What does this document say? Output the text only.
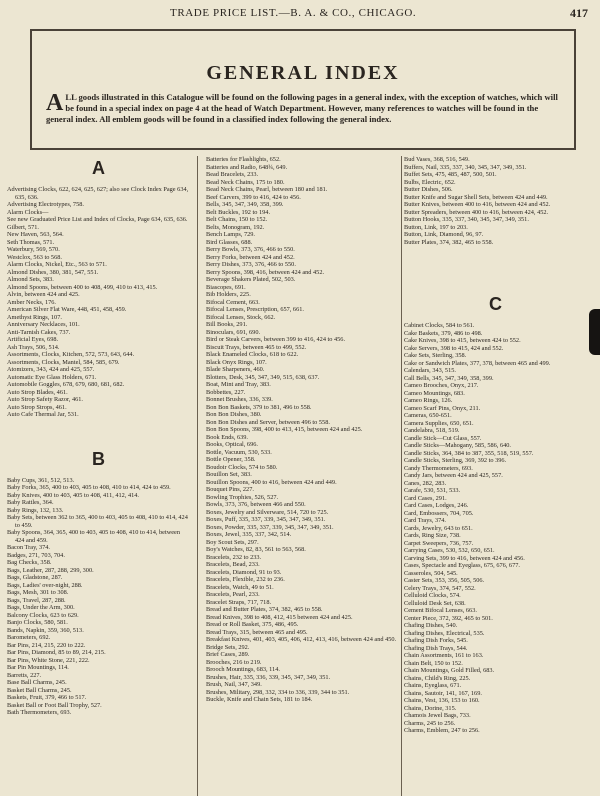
TRADE PRICE LIST.—B. A. & CO., CHICAGO.	417
GENERAL INDEX
ALL goods illustrated in this Catalogue will be found on the following pages in a general index, with the exception of watches, which will be found in a special index on page 4 at the head of Watch Department. However, many references to watches will be found in the general index. All emblem goods will be found in a classified index following the general index.
A
Advertising Clocks, 622, 624, 625, 627; also see Clock Index Page 634, 635, 636.
Advertising Electrotypes, 758.
Alarm Clocks—
See new Graduated Price List and Index of Clocks, Page 634, 635, 636.
Gilbert, 571.
New Haven, 563, 564.
Seth Thomas, 571.
Waterbury, 569, 570.
Westclox, 563 to 568.
Alarm Clocks, Nickel, Etc., 563 to 571.
Almond Dishes, 380, 381, 547, 551.
Almond Sets, 383.
Almond Spoons, between 400 to 408, 499, 410 to 413, 415.
Alvin, between 424 and 425.
Amber Necks, 176.
American Silver Flat Ware, 448, 451, 458, 459.
Amethyst Rings, 107.
Anniversary Necklaces, 101.
Anti-Tarnish Cakes, 737.
Artificial Eyes, 698.
Ash Trays, 506, 514.
Assortments, Clocks, Kitchen, 572, 573, 643, 644.
Assortments, Clocks, Mantel, 584, 585, 679.
Atomizers, 343, 424 and 425, 557.
Automatic Eye Glass Holders, 671.
Automobile Goggles, 678, 679, 680, 681, 682.
Auto Strop Blades, 461.
Auto Strop Safety Razor, 461.
Auto Strop Strops, 461.
Auto Cafe Thermal Jar, 531.
B
Baby Cups, 361, 512, 513.
Baby Forks, 365, 400 to 403, 405 to 408, 410 to 414, 424 to 459.
Baby Knives, 400 to 403, 405 to 408, 411, 412, 414.
Baby Rattles, 364.
Baby Rings, 132, 133.
Baby Sets, between 362 to 365, 400 to 403, 405 to 408, 410 to 414, 424 to 459.
Baby Spoons, 364, 365, 400 to 403, 405 to 408, 410 to 414, between 424 and 459.
Bacon Tray, 374.
Badges, 271, 703, 704.
Bag Checks, 358.
Bags, Leather, 287, 288, 299, 300.
Bags, Gladstone, 287.
Bags, Ladies' over-night, 288.
Bags, Mesh, 301 to 308.
Bags, Travel, 287, 288.
Bags, Under the Arm, 300.
Balcony Clocks, 623 to 629.
Banjo Clocks, 580, 581.
Bands, Napkin, 359, 360, 513.
Barometers, 692.
Bar Pins, 214, 215, 220 to 222.
Bar Pins, Diamond, 85 to 89, 214, 215.
Bar Pins, White Stone, 221, 222.
Bar Pin Mountings, 114.
Barretts, 227.
Base Ball Charms, 245.
Basket Ball Charms, 245.
Baskets, Fruit, 379, 466 to 517.
Basket Ball or Foot Ball Trophy, 527.
Bath Thermometers, 693.
Batteries for Flashlights, 652.
Batteries and Radio, 648¾, 649.
Bead Bracelets, 233.
Bead Neck Chains, 175 to 180.
Bead Neck Chains, Pearl, between 180 and 181.
Beef Carvers, 399 to 416, 424 to 456.
Bells, 345, 347, 349, 358, 399.
Belt Buckles, 192 to 194.
Belt Chains, 150 to 152.
Belts, Monogram, 192.
Bench Lamps, 729.
Bird Glasses, 688.
Berry Bowls, 373, 376, 466 to 550.
Berry Forks, between 424 and 452.
Berry Dishes, 373, 376, 466 to 550.
Berry Spoons, 398, 416, between 424 and 452.
Beverage Shakers Plated, 502, 503.
Biascopes, 691.
Bib Holders, 225.
Bifocal Cement, 663.
Bifocal Lenses, Prescription, 657, 661.
Bifocal Lenses, Stock, 662.
Bill Books, 291.
Binoculars, 691, 690.
Bird or Steak Carvers, between 399 to 416, 424 to 456.
Biscuit Trays, between 465 to 499, 552.
Black Enameled Clocks, 618 to 622.
Black Onyx Rings, 107.
Blade Sharpeners, 460.
Blotters, Desk, 345, 347, 349, 515, 638, 637.
Boat, Mint and Tray, 383.
Bobbettes, 227.
Bonnet Brushes, 336, 339.
Bon Bon Baskets, 379 to 381, 496 to 558.
Bon Bon Dishes, 380.
Bon Bon Dishes and Server, between 496 to 558.
Bon Bon Spoons, 398, 400 to 413, 415, between 424 and 425.
Book Ends, 639.
Books, Optical, 696.
Bottle, Vacuum, 530, 533.
Bottle Opener, 358.
Boudoir Clocks, 574 to 580.
Bouillon Set, 383.
Bouillon Spoons, 400 to 416, between 424 and 449.
Bouquet Pins, 227.
Bowling Trophies, 526, 527.
Bowls, 373, 376, between 466 and 550.
Boxes, Jewelry and Silverware, 514, 720 to 725.
Boxes, Puff, 335, 337, 339, 345, 347, 349, 351.
Boxes, Powder, 335, 337, 339, 345, 347, 349, 351.
Boxes, Jewel, 335, 337, 342, 514.
Boy Scout Sets, 297.
Boy's Watches, 82, 83, 561 to 563, 568.
Bracelets, 232 to 233.
Bracelets, Bead, 233.
Bracelets, Diamond, 91 to 93.
Bracelets, Flexible, 232 to 236.
Bracelets, Watch, 49 to 51.
Bracelets, Pearl, 233.
Bracelet Straps, 717, 718.
Bread and Butter Plates, 374, 382, 465 to 558.
Bread Knives, 398 to 408, 412, 415 between 424 and 425.
Bread or Roll Basket, 375, 486, 495.
Bread Trays, 315, between 465 and 495.
Breakfast Knives, 401, 403, 405, 406, 412, 413, 416, between 424 and 450.
Bridge Sets, 292.
Brief Cases, 289.
Brooches, 216 to 219.
Brooch Mountings, 683, 114.
Brushes, Hair, 335, 336, 339, 345, 347, 349, 351.
Brush, Nail, 347, 349.
Brushes, Military, 298, 332, 334 to 336, 339, 344 to 351.
Buckle, Knife and Chain Sets, 181 to 184.
Bud Vases, 368, 516, 549.
Buffers, Nail, 335, 337, 340, 345, 347, 349, 351.
Buffet Sets, 475, 485, 487, 500, 501.
Bulbs, Electric, 652.
Butter Dishes, 506.
Butter Knife and Sugar Shell Sets, between 424 and 449.
Butter Knives, between 400 to 416, between 424 and 452.
Butter Spreaders, between 400 to 416, between 424, 452.
Button Hooks, 335, 337, 340, 345, 347, 349, 351.
Button, Link, 197 to 203.
Button, Link, Diamond, 96, 97.
Butter Plates, 374, 382, 465 to 558.
C
Cabinet Clocks, 584 to 561.
Cake Baskets, 379, 486 to 498.
Cake Knives, 398 to 415, between 424 to 552.
Cake Servers, 398 to 415, 424 and 552.
Cake Sets, Sterling, 358.
Cake or Sandwich Plates, 377, 378, between 465 and 499.
Calendars, 343, 515.
Call Bells, 345, 347, 349, 358, 399.
Cameo Brooches, Onyx, 217.
Cameo Mountings, 683.
Cameo Rings, 126.
Cameo Scarf Pins, Onyx, 211.
Cameras, 650-651.
Camera Supplies, 650, 651.
Candelabra, 518, 519.
Candle Stick—Cut Glass, 557.
Candle Sticks—Mahogany, 585, 586, 640.
Candle Sticks, 364, 384 to 387, 355, 518, 519, 557.
Candle Sticks, Sterling, 369, 392 to 396.
Candy Thermometers, 693.
Candy Jars, between 424 and 425, 557.
Canes, 282, 283.
Carafe, 530, 531, 533.
Card Cases, 291.
Card Cases, Lodges, 246.
Card, Embossers, 704, 705.
Card Trays, 374.
Cards, Jewelry, 643 to 651.
Cards, Ring Size, 738.
Carpet Sweepers, 736, 757.
Carrying Cases, 530, 532, 650, 651.
Carving Sets, 399 to 416, between 424 and 456.
Cases, Spectacle and Eyeglass, 675, 676, 677.
Casseroles, 504, 545.
Caster Sets, 353, 356, 505, 506.
Celery Trays, 374, 547, 552.
Celluloid Clocks, 574.
Celluloid Desk Set, 638.
Cement Bifocal Lenses, 663.
Center Piece, 372, 392, 465 to 501.
Chafing Dishes, 540.
Chafing Dishes, Electrical, 535.
Chafing Dish Forks, 545.
Chafing Dish Trays, 544.
Chain Assortments, 161 to 163.
Chain Belt, 150 to 152.
Chain Mountings, Gold Filled, 683.
Chains, Child's Ring, 225.
Chains, Eyeglass, 671.
Chains, Sautoir, 141, 167, 169.
Chains, Vest, 136, 153 to 160.
Chains, Dorine, 315.
Chamois Jewel Bags, 733.
Charms, 245 to 256.
Charms, Emblem, 247 to 256.
